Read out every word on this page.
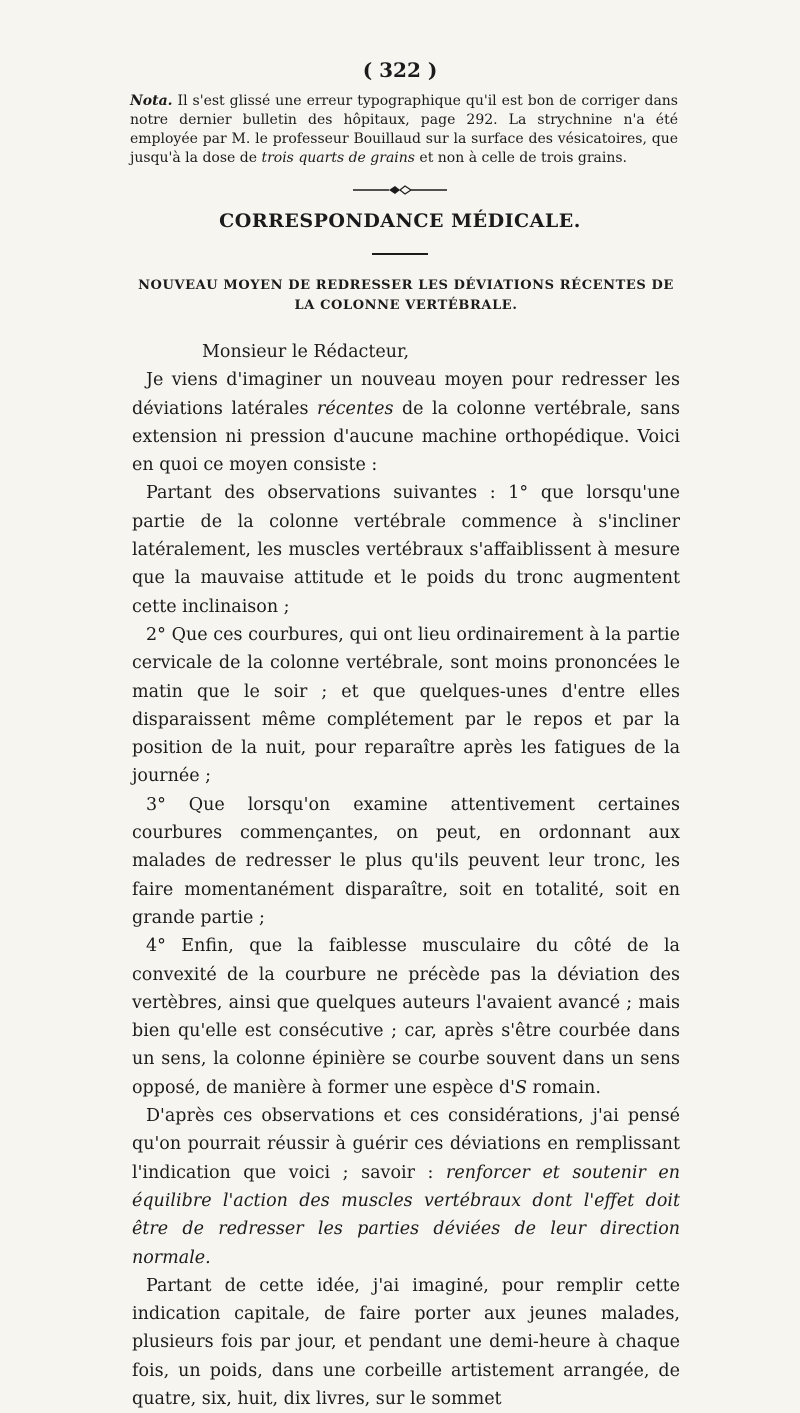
( 322 )

Nota. Il s'est glissé une erreur typographique qu'il est bon de corriger dans notre dernier bulletin des hôpitaux, page 292. La strychnine n'a été employée par M. le professeur Bouillaud sur la surface des vésicatoires, que jusqu'à la dose de trois quarts de grains et non à celle de trois grains.

CORRESPONDANCE MÉDICALE.
NOUVEAU MOYEN DE REDRESSER LES DÉVIATIONS RÉCENTES DE LA COLONNE VERTÉBRALE.

Monsieur le Rédacteur,

Je viens d'imaginer un nouveau moyen pour redresser les déviations latérales récentes de la colonne vertébrale, sans extension ni pression d'aucune machine orthopédique. Voici en quoi ce moyen consiste :

Partant des observations suivantes : 1° que lorsqu'une partie de la colonne vertébrale commence à s'incliner latéralement, les muscles vertébraux s'affaiblissent à mesure que la mauvaise attitude et le poids du tronc augmentent cette inclinaison ;

2° Que ces courbures, qui ont lieu ordinairement à la partie cervicale de la colonne vertébrale, sont moins prononcées le matin que le soir ; et que quelques-unes d'entre elles disparaissent même complétement par le repos et par la position de la nuit, pour reparaître après les fatigues de la journée ;

3° Que lorsqu'on examine attentivement certaines courbures commençantes, on peut, en ordonnant aux malades de redresser le plus qu'ils peuvent leur tronc, les faire momentanément disparaître, soit en totalité, soit en grande partie ;

4° Enfin, que la faiblesse musculaire du côté de la convexité de la courbure ne précède pas la déviation des vertèbres, ainsi que quelques auteurs l'avaient avancé ; mais bien qu'elle est consécutive ; car, après s'être courbée dans un sens, la colonne épinière se courbe souvent dans un sens opposé, de manière à former une espèce d'S romain.

D'après ces observations et ces considérations, j'ai pensé qu'on pourrait réussir à guérir ces déviations en remplissant l'indication que voici ; savoir : renforcer et soutenir en équilibre l'action des muscles vertébraux dont l'effet doit être de redresser les parties déviées de leur direction normale.

Partant de cette idée, j'ai imaginé, pour remplir cette indication capitale, de faire porter aux jeunes malades, plusieurs fois par jour, et pendant une demi-heure à chaque fois, un poids, dans une corbeille artistement arrangée, de quatre, six, huit, dix livres, sur le sommet
